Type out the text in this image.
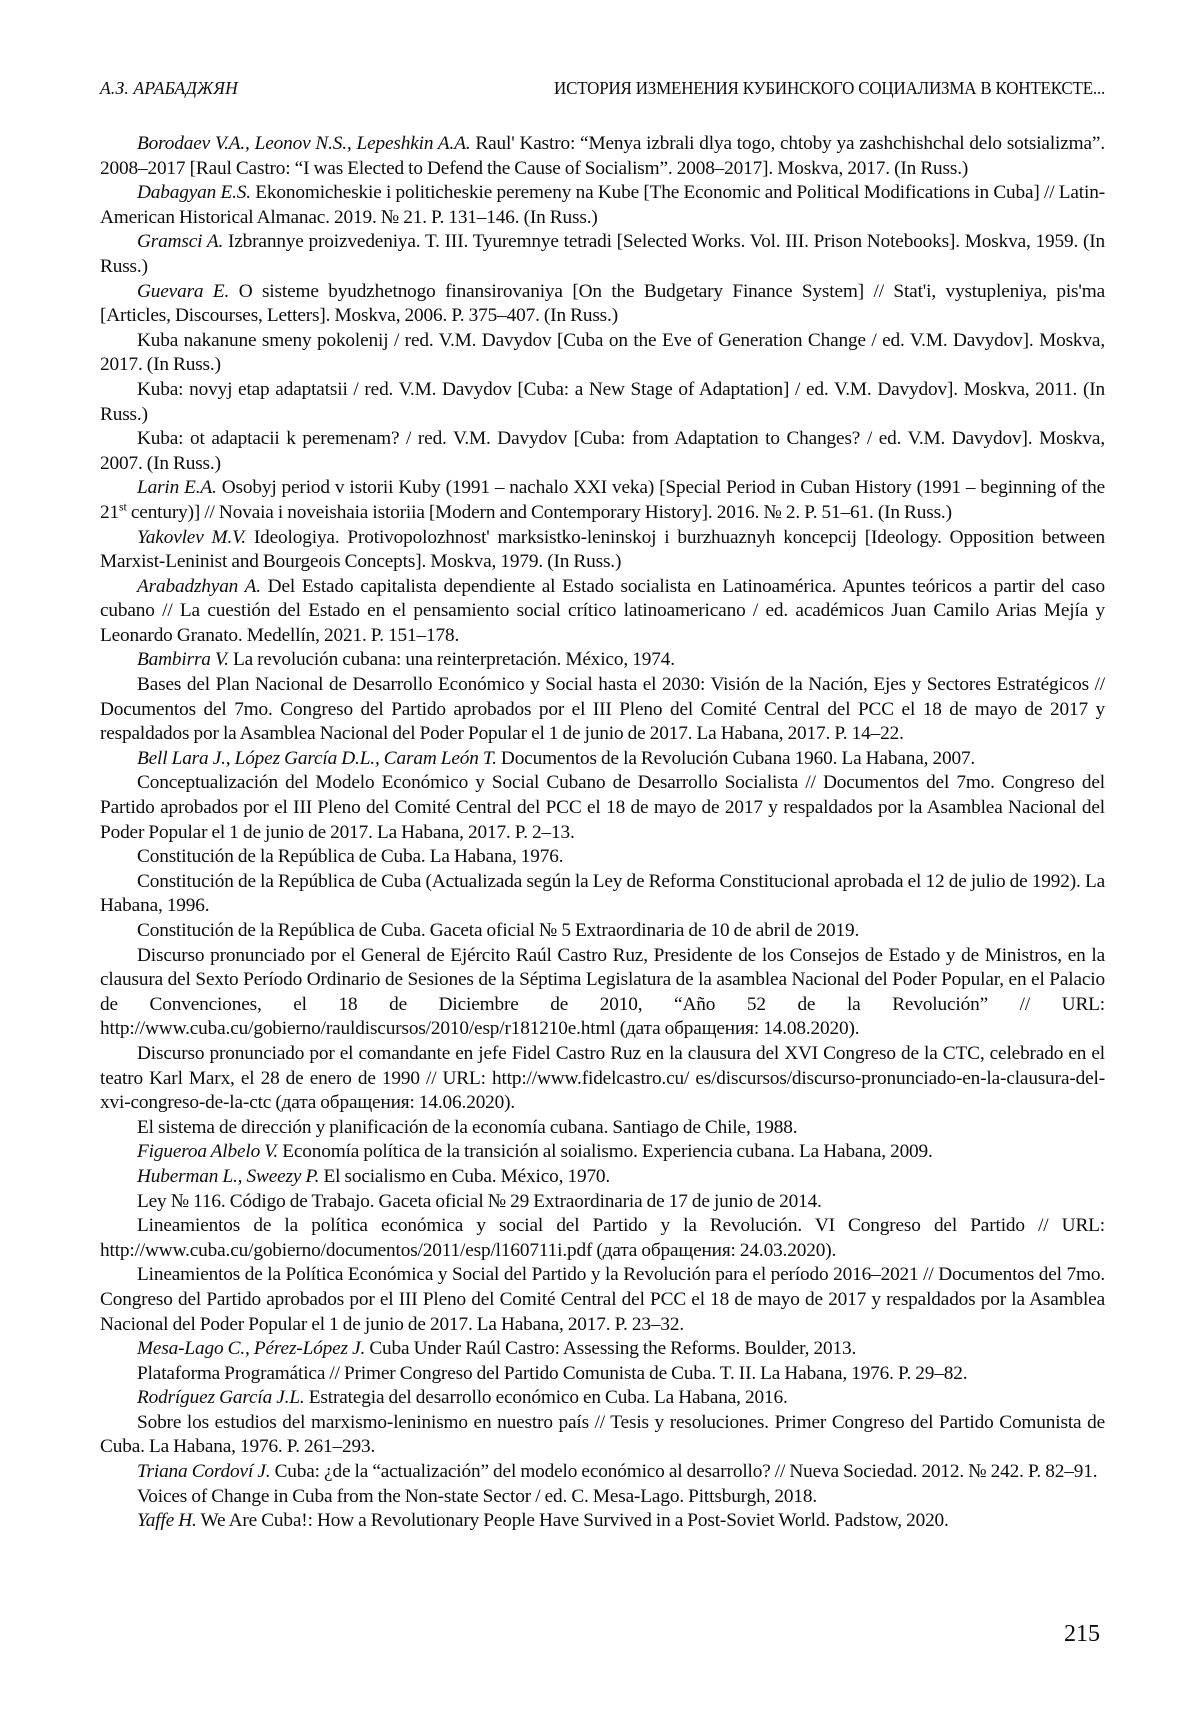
А.З. АРАБАДЖЯН	ИСТОРИЯ ИЗМЕНЕНИЯ КУБИНСКОГО СОЦИАЛИЗМА В КОНТЕКСТЕ...

Borodaev V.A., Leonov N.S., Lepeshkin A.A. Raul' Kastro: “Menya izbrali dlya togo, chtoby ya zashchishchal delo sotsializma”. 2008–2017 [Raul Castro: “I was Elected to Defend the Cause of Socialism”. 2008–2017]. Moskva, 2017. (In Russ.)

Dabagyan E.S. Ekonomicheskie i politicheskie peremeny na Kube [The Economic and Political Modifications in Cuba] // Latin-American Historical Almanac. 2019. № 21. P. 131–146. (In Russ.)

Gramsci A. Izbrannye proizvedeniya. T. III. Tyuremnye tetradi [Selected Works. Vol. III. Prison Notebooks]. Moskva, 1959. (In Russ.)

Guevara E. O sisteme byudzhetnogo finansirovaniya [On the Budgetary Finance System] // Stat'i, vystupleniya, pis'ma [Articles, Discourses, Letters]. Moskva, 2006. P. 375–407. (In Russ.)

Kuba nakanune smeny pokolenij / red. V.M. Davydov [Cuba on the Eve of Generation Change / ed. V.M. Davydov]. Moskva, 2017. (In Russ.)

Kuba: novyj etap adaptatsii / red. V.M. Davydov [Cuba: a New Stage of Adaptation] / ed. V.M. Davydov]. Moskva, 2011. (In Russ.)

Kuba: ot adaptacii k peremenam? / red. V.M. Davydov [Cuba: from Adaptation to Changes? / ed. V.M. Davydov]. Moskva, 2007. (In Russ.)

Larin E.A. Osobyj period v istorii Kuby (1991 – nachalo XXI veka) [Special Period in Cuban History (1991 – beginning of the 21st century)] // Novaia i noveishaia istoriia [Modern and Contemporary History]. 2016. № 2. P. 51–61. (In Russ.)

Yakovlev M.V. Ideologiya. Protivopolozhnost' marksistko-leninskoj i burzhuaznyh koncepcij [Ideology. Opposition between Marxist-Leninist and Bourgeois Concepts]. Moskva, 1979. (In Russ.)

Arabadzhyan A. Del Estado capitalista dependiente al Estado socialista en Latinoamérica. Apuntes teóricos a partir del caso cubano // La cuestión del Estado en el pensamiento social crítico latinoamericano / ed. académicos Juan Camilo Arias Mejía y Leonardo Granato. Medellín, 2021. P. 151–178.

Bambirra V. La revolución cubana: una reinterpretación. México, 1974.

Bases del Plan Nacional de Desarrollo Económico y Social hasta el 2030: Visión de la Nación, Ejes y Sectores Estratégicos // Documentos del 7mo. Congreso del Partido aprobados por el III Pleno del Comité Central del PCC el 18 de mayo de 2017 y respaldados por la Asamblea Nacional del Poder Popular el 1 de junio de 2017. La Habana, 2017. P. 14–22.

Bell Lara J., López García D.L., Caram León T. Documentos de la Revolución Cubana 1960. La Habana, 2007.

Conceptualización del Modelo Económico y Social Cubano de Desarrollo Socialista // Documentos del 7mo. Congreso del Partido aprobados por el III Pleno del Comité Central del PCC el 18 de mayo de 2017 y respaldados por la Asamblea Nacional del Poder Popular el 1 de junio de 2017. La Habana, 2017. P. 2–13.

Constitución de la República de Cuba. La Habana, 1976.

Constitución de la República de Cuba (Actualizada según la Ley de Reforma Constitucional aprobada el 12 de julio de 1992). La Habana, 1996.

Constitución de la República de Cuba. Gaceta oficial № 5 Extraordinaria de 10 de abril de 2019.

Discurso pronunciado por el General de Ejército Raúl Castro Ruz, Presidente de los Consejos de Estado y de Ministros, en la clausura del Sexto Período Ordinario de Sesiones de la Séptima Legislatura de la asamblea Nacional del Poder Popular, en el Palacio de Convenciones, el 18 de Diciembre de 2010, “Año 52 de la Revolución” // URL: http://www.cuba.cu/gobierno/rauldiscursos/2010/esp/r181210e.html (дата обращения: 14.08.2020).

Discurso pronunciado por el comandante en jefe Fidel Castro Ruz en la clausura del XVI Congreso de la CTC, celebrado en el teatro Karl Marx, el 28 de enero de 1990 // URL: http://www.fidelcastro.cu/ es/discursos/discurso-pronunciado-en-la-clausura-del-xvi-congreso-de-la-ctc (дата обращения: 14.06.2020).

El sistema de dirección y planificación de la economía cubana. Santiago de Chile, 1988.

Figueroa Albelo V. Economía política de la transición al soialismo. Experiencia cubana. La Habana, 2009.

Huberman L., Sweezy P. El socialismo en Cuba. México, 1970.

Ley № 116. Código de Trabajo. Gaceta oficial № 29 Extraordinaria de 17 de junio de 2014.

Lineamientos de la política económica y social del Partido y la Revolución. VI Congreso del Partido // URL: http://www.cuba.cu/gobierno/documentos/2011/esp/l160711i.pdf (дата обращения: 24.03.2020).

Lineamientos de la Política Económica y Social del Partido y la Revolución para el período 2016–2021 // Documentos del 7mo. Congreso del Partido aprobados por el III Pleno del Comité Central del PCC el 18 de mayo de 2017 y respaldados por la Asamblea Nacional del Poder Popular el 1 de junio de 2017. La Habana, 2017. P. 23–32.

Mesa-Lago C., Pérez-López J. Cuba Under Raúl Castro: Assessing the Reforms. Boulder, 2013.

Plataforma Programática // Primer Congreso del Partido Comunista de Cuba. T. II. La Habana, 1976. P. 29–82.

Rodríguez García J.L. Estrategia del desarrollo económico en Cuba. La Habana, 2016.

Sobre los estudios del marxismo-leninismo en nuestro país // Tesis y resoluciones. Primer Congreso del Partido Comunista de Cuba. La Habana, 1976. P. 261–293.

Triana Cordoví J. Cuba: ¿de la “actualización” del modelo económico al desarrollo? // Nueva Sociedad. 2012. № 242. P. 82–91.

Voices of Change in Cuba from the Non-state Sector / ed. C. Mesa-Lago. Pittsburgh, 2018.

Yaffe H. We Are Cuba!: How a Revolutionary People Have Survived in a Post-Soviet World. Padstow, 2020.

215
